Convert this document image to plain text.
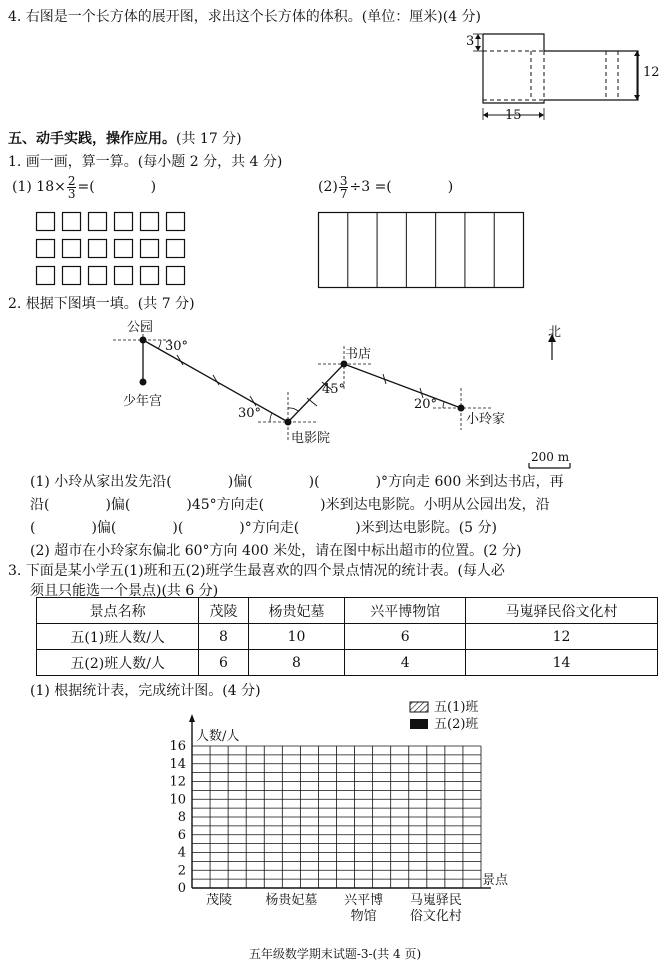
4. 右图是一个长方体的展开图，求出这个长方体的体积。(单位：厘米)(4 分)
3
12
15
五、动手实践，操作应用。(共 17 分)
1. 画一画，算一算。(每小题 2 分，共 4 分)
(1) $18\times \frac{2}{3}$ =(　　　　)	$(2) \frac{3}{7} \div 3$ =(　　　　)
2. 根据下图填一填。(共 7 分)
公园
少年宫
书店
电影院
小玲家
北
30°
30°
45°
20°
200 m
(1) 小玲从家出发先沿(　　　　)偏(　　　　)(　　　　)°方向走 600 米到达书店，再
沿(　　　　)偏(　　　　)45°方向走(　　　　)米到达电影院。小明从公园出发，沿
(　　　　)偏(　　　　)(　　　　)°方向走(　　　　)米到达电影院。(5 分)
(2) 超市在小玲家东偏北 60°方向 400 米处，请在图中标出超市的位置。(2 分)
3. 下面是某小学五(1)班和五(2)班学生最喜欢的四个景点情况的统计表。(每人必
须且只能选一个景点)(共 6 分)
景点名称	茂陵	杨贵妃墓	兴平博物馆	马嵬驿民俗文化村
五(1)班人数/人	8	10	6	12
五(2)班人数/人	6	8	4	14
(1) 根据统计表，完成统计图。(4 分)
0
2
4
6
8
10
12
14
16
茂陵	杨贵妃墓 兴平博
物馆
马嵬驿民
俗文化村
五(1)班
五(2)班
人数/人
景点
五年级数学期末试题-3-(共 4 页)
